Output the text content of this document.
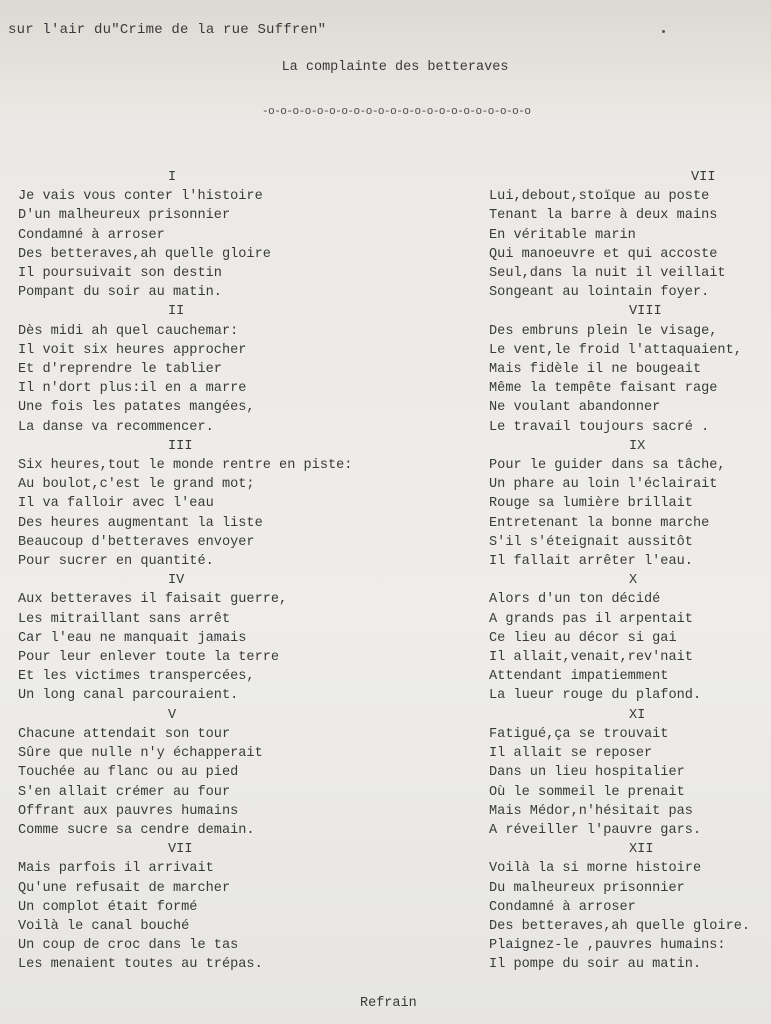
sur l'air du"Crime de la rue Suffren"
La complainte des betteraves
-o-o-o-o-o-o-o-o-o-o-o-o-o-o-o-o-o-o-o-o-o-o
I
Je vais vous conter l'histoire
D'un malheureux prisonnier
Condamné à arroser
Des betteraves,ah quelle gloire
Il poursuivait son destin
Pompant du soir au matin.
II
Dès midi ah quel cauchemar:
Il voit six heures approcher
Et d'reprendre le tablier
Il n'dort plus:il en a marre
Une fois les patates mangées,
La danse va recommencer.
III
Six heures,tout le monde rentre en piste:
Au boulot,c'est le grand mot;
Il va falloir avec l'eau
Des heures augmentant la liste
Beaucoup d'betteraves envoyer
Pour sucrer en quantité.
IV
Aux betteraves il faisait guerre,
Les mitraillant sans arrêt
Car l'eau ne manquait jamais
Pour leur enlever toute la terre
Et les victimes transpercées,
Un long canal parcouraient.
V
Chacune attendait son tour
Sûre que nulle n'y échapperait
Touchée au flanc ou au pied
S'en allait crémer au four
Offrant aux pauvres humains
Comme sucre sa cendre demain.
VII
Mais parfois il arrivait
Qu'une refusait de marcher
Un complot était formé
Voilà le canal bouché
Un coup de croc dans le tas
Les menaient toutes au trépas.
VII
Lui,debout,stoïque au poste
Tenant la barre à deux mains
En véritable marin
Qui manoeuvre et qui accoste
Seul,dans la nuit il veillait
Songeant au lointain foyer.
VIII
Des embruns plein le visage,
Le vent,le froid l'attaquaient,
Mais fidèle il ne bougeait
Même la tempête faisant rage
Ne voulant abandonner
Le travail toujours sacré .
IX
Pour le guider dans sa tâche,
Un phare au loin l'éclairait
Rouge sa lumière brillait
Entretenant la bonne marche
S'il s'éteignait aussitôt
Il fallait arrêter l'eau.
X
Alors d'un ton décidé
A grands pas il arpentait
Ce lieu au décor si gai
Il allait,venait,rev'nait
Attendant impatiemment
La lueur rouge du plafond.
XI
Fatigué,ça se trouvait
Il allait se reposer
Dans un lieu hospitalier
Où le sommeil le prenait
Mais Médor,n'hésitait pas
A réveiller l'pauvre gars.
XII
Voilà la si morne histoire
Du malheureux prisonnier
Condamné à arroser
Des betteraves,ah quelle gloire.
Plaignez-le ,pauvres humains:
Il pompe du soir au matin.
Refrain
